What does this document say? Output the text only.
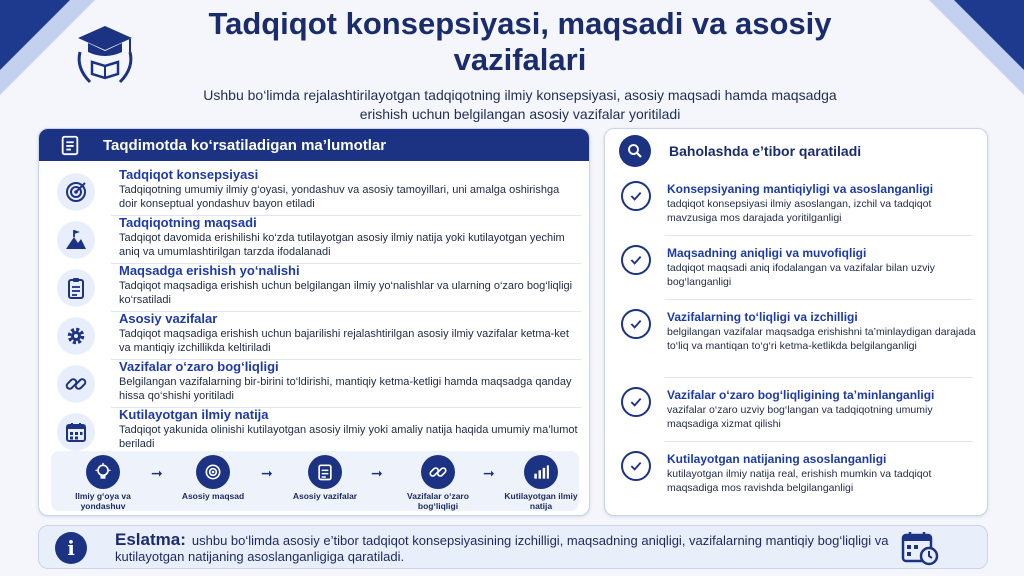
Tadqiqot konsepsiyasi, maqsadi va asosiy vazifalari
Ushbu bo‘limda rejalashtirilayotgan tadqiqotning ilmiy konsepsiyasi, asosiy maqsadi hamda maqsadga erishish uchun belgilangan asosiy vazifalar yoritiladi
Taqdimotda ko‘rsatiladigan ma’lumotlar
Tadqiqot konsepsiyasi
Tadqiqotning umumiy ilmiy g‘oyasi, yondashuv va asosiy tamoyillari, uni amalga oshirishga doir konseptual yondashuv bayon etiladi
Tadqiqotning maqsadi
Tadqiqot davomida erishilishi ko‘zda tutilayotgan asosiy ilmiy natija yoki kutilayotgan yechim aniq va umumlashtirilgan tarzda ifodalanadi
Maqsadga erishish yo‘nalishi
Tadqiqot maqsadiga erishish uchun belgilangan ilmiy yo‘nalishlar va ularning o‘zaro bog‘liqligi ko‘rsatiladi
Asosiy vazifalar
Tadqiqot maqsadiga erishish uchun bajarilishi rejalashtirilgan asosiy ilmiy vazifalar ketma-ket va mantiqiy izchillikda keltiriladi
Vazifalar o‘zaro bog‘liqligi
Belgilangan vazifalarning bir-birini to‘ldirishi, mantiqiy ketma-ketligi hamda maqsadga qanday hissa qo‘shishi yoritiladi
Kutilayotgan ilmiy natija
Tadqiqot yakunida olinishi kutilayotgan asosiy ilmiy yoki amaliy natija haqida umumiy ma’lumot beriladi
Ilmiy g‘oya va yondashuv
➞
Asosiy maqsad
➞
Asosiy vazifalar
➞
Vazifalar o‘zaro bog‘liqligi
➞
Kutilayotgan ilmiy natija
Baholashda e’tibor qaratiladi
Konsepsiyaning mantiqiyligi va asoslanganligi
tadqiqot konsepsiyasi ilmiy asoslangan, izchil va tadqiqot mavzusiga mos darajada yoritilganligi
Maqsadning aniqligi va muvofiqligi
tadqiqot maqsadi aniq ifodalangan va vazifalar bilan uzviy bog‘langanligi
Vazifalarning to‘liqligi va izchilligi
belgilangan vazifalar maqsadga erishishni ta’minlaydigan darajada to‘liq va mantiqan to‘g‘ri ketma-ketlikda belgilanganligi
Vazifalar o‘zaro bog‘liqligining ta’minlanganligi
vazifalar o‘zaro uzviy bog‘langan va tadqiqotning umumiy maqsadiga xizmat qilishi
Kutilayotgan natijaning asoslanganligi
kutilayotgan ilmiy natija real, erishish mumkin va tadqiqot maqsadiga mos ravishda belgilanganligi
i	Eslatma: ushbu bo‘limda asosiy e’tibor tadqiqot konsepsiyasining izchilligi, maqsadning aniqligi, vazifalarning mantiqiy bog‘liqligi va kutilayotgan natijaning asoslanganligiga qaratiladi.
